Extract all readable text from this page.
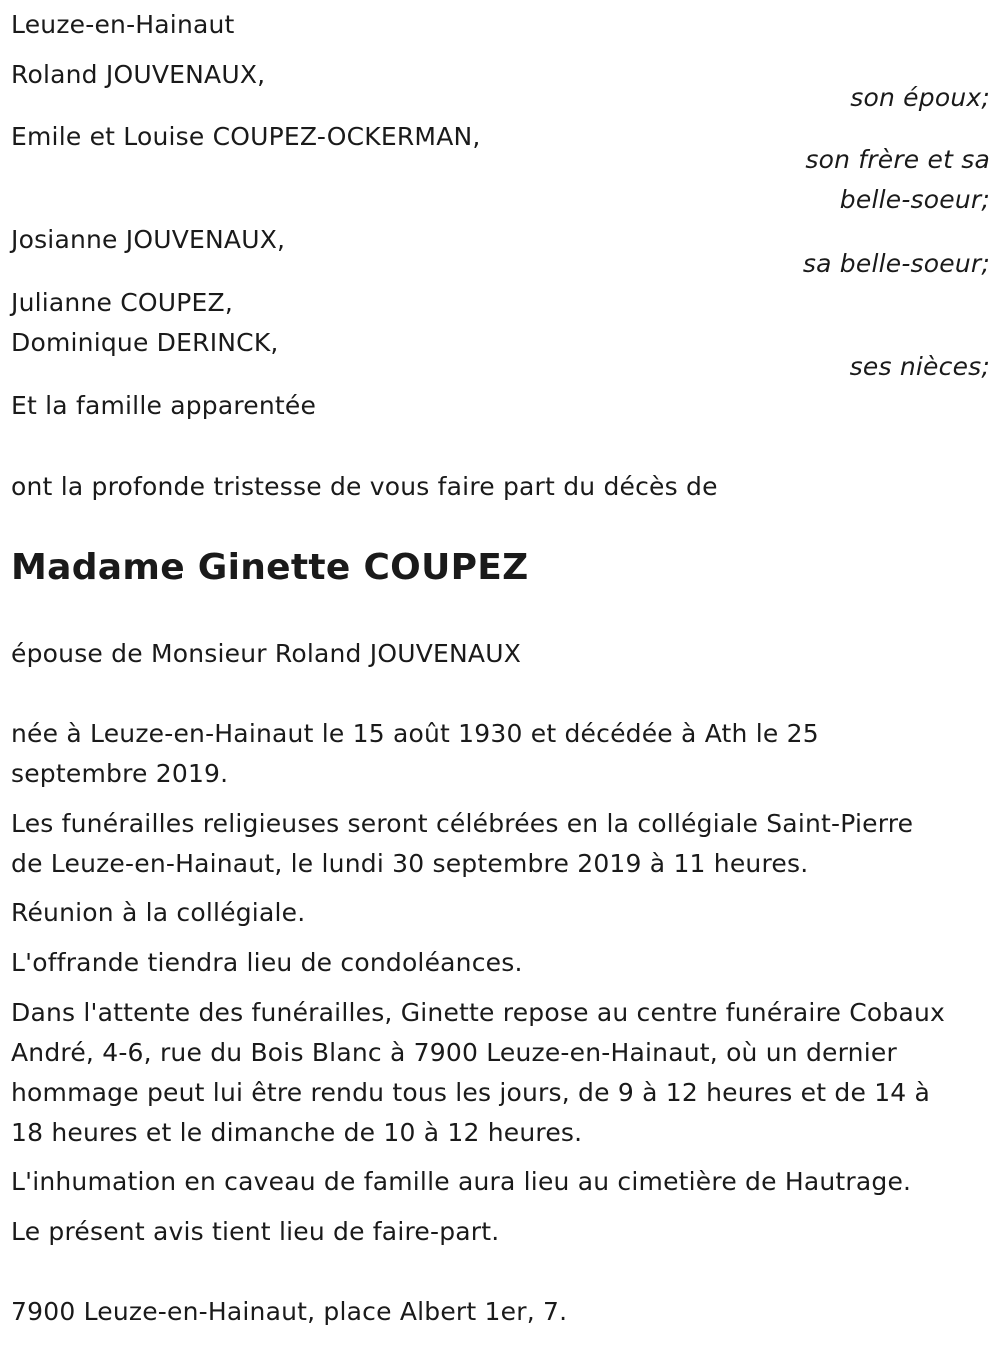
Leuze-en-Hainaut
Roland JOUVENAUX,
son époux;
Emile et Louise COUPEZ-OCKERMAN,
son frère et sa
belle-soeur;
Josianne JOUVENAUX,
sa belle-soeur;
Julianne COUPEZ,
Dominique DERINCK,
ses nièces;
Et la famille apparentée
ont la profonde tristesse de vous faire part du décès de
Madame Ginette COUPEZ
épouse de Monsieur Roland JOUVENAUX
née à Leuze-en-Hainaut le 15 août 1930 et décédée à Ath le 25
septembre 2019.
Les funérailles religieuses seront célébrées en la collégiale Saint-Pierre
de Leuze-en-Hainaut, le lundi 30 septembre 2019 à 11 heures.
Réunion à la collégiale.
L'offrande tiendra lieu de condoléances.
Dans l'attente des funérailles, Ginette repose au centre funéraire Cobaux
André, 4-6, rue du Bois Blanc à 7900 Leuze-en-Hainaut, où un dernier
hommage peut lui être rendu tous les jours, de 9 à 12 heures et de 14 à
18 heures et le dimanche de 10 à 12 heures.
L'inhumation en caveau de famille aura lieu au cimetière de Hautrage.
Le présent avis tient lieu de faire-part.
7900 Leuze-en-Hainaut, place Albert 1er, 7.
